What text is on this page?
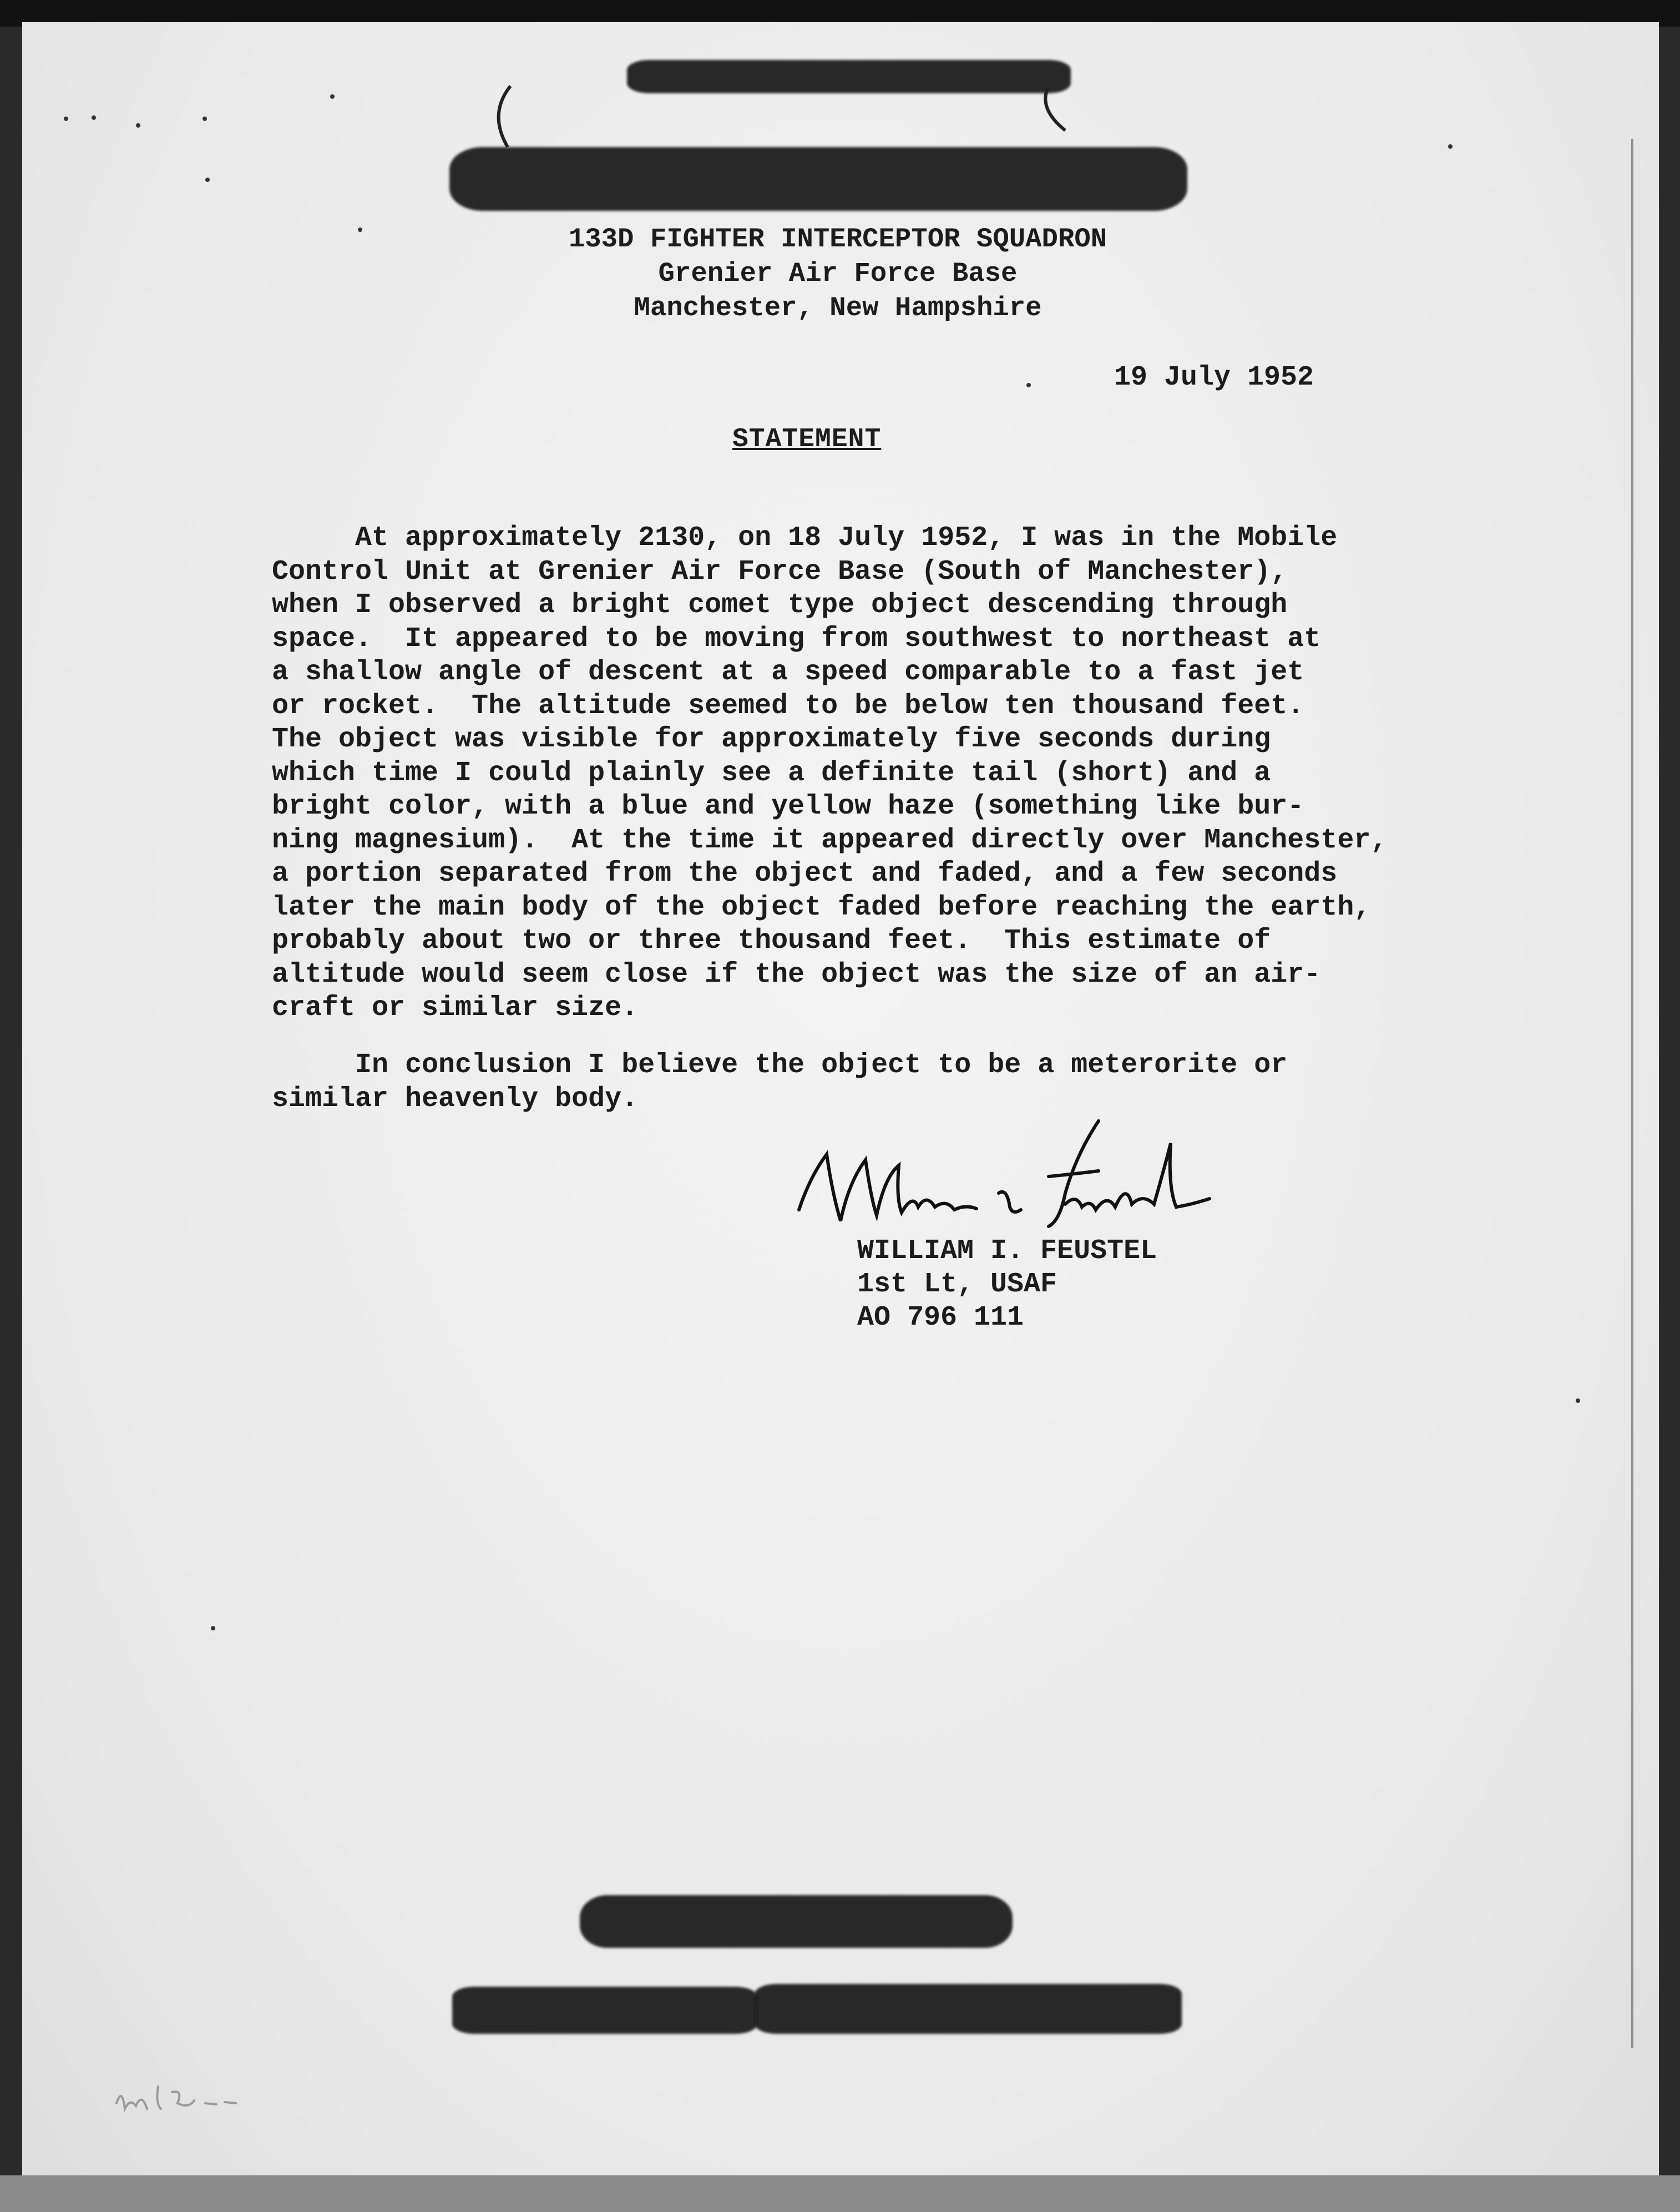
133D FIGHTER INTERCEPTOR SQUADRON
Grenier Air Force Base
Manchester, New Hampshire
19 July 1952
STATEMENT
At approximately 2130, on 18 July 1952, I was in the Mobile
Control Unit at Grenier Air Force Base (South of Manchester),
when I observed a bright comet type object descending through
space.  It appeared to be moving from southwest to northeast at
a shallow angle of descent at a speed comparable to a fast jet
or rocket.  The altitude seemed to be below ten thousand feet.
The object was visible for approximately five seconds during
which time I could plainly see a definite tail (short) and a
bright color, with a blue and yellow haze (something like bur-
ning magnesium).  At the time it appeared directly over Manchester,
a portion separated from the object and faded, and a few seconds
later the main body of the object faded before reaching the earth,
probably about two or three thousand feet.  This estimate of
altitude would seem close if the object was the size of an air-
craft or similar size.
In conclusion I believe the object to be a meterorite or
similar heavenly body.
WILLIAM I. FEUSTEL
1st Lt, USAF
AO 796 111
